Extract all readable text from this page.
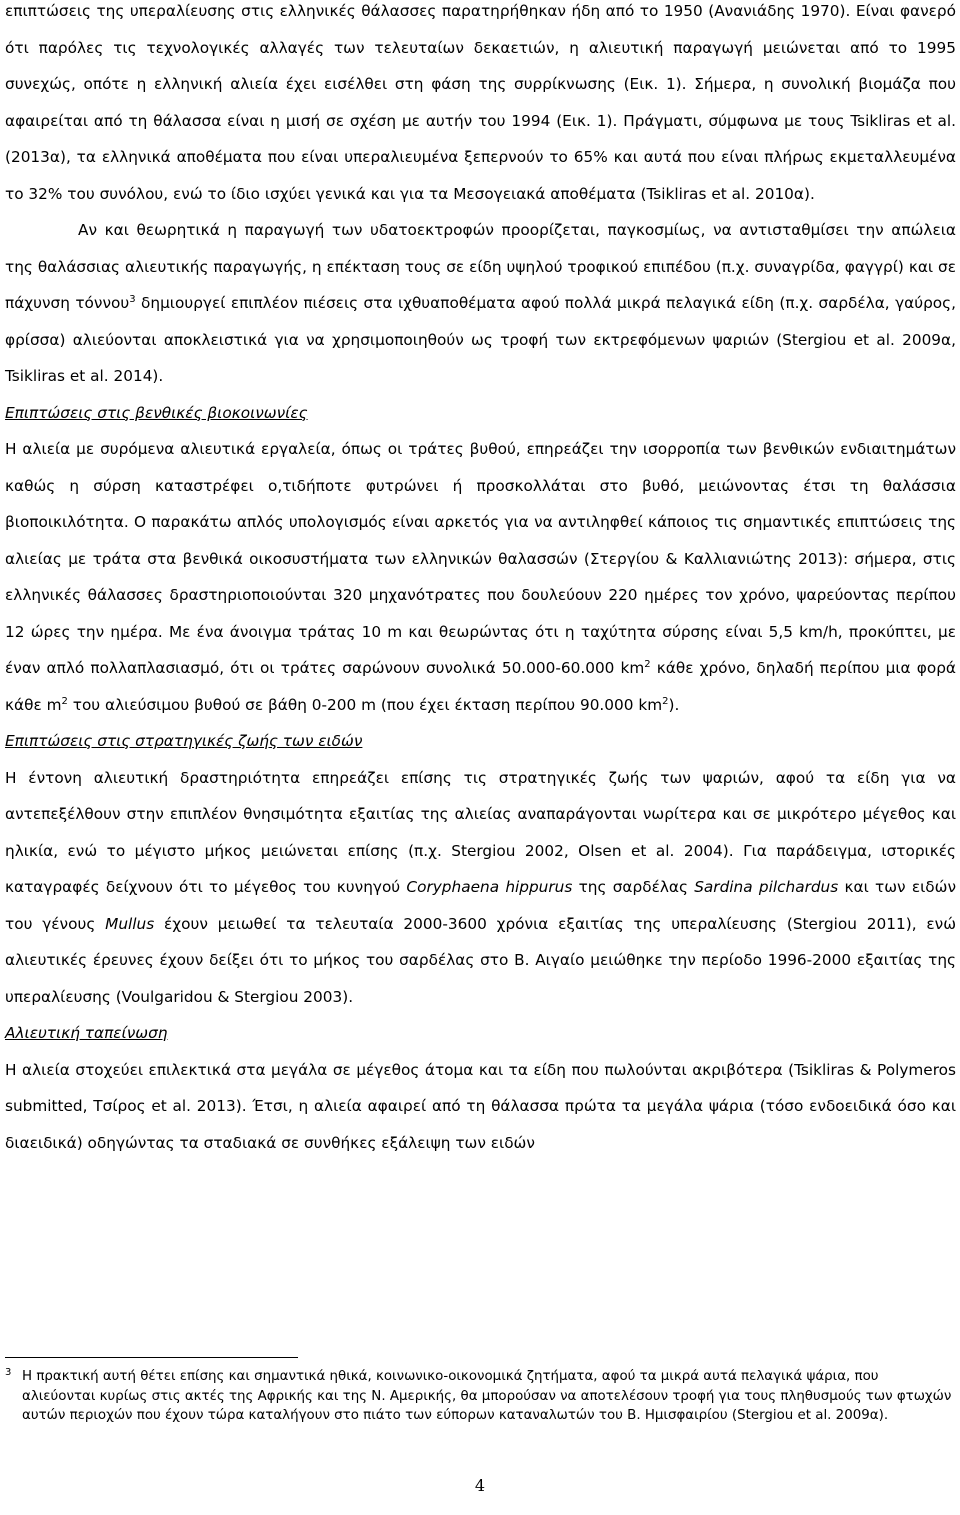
επιπτώσεις της υπεραλίευσης στις ελληνικές θάλασσες παρατηρήθηκαν ήδη από το 1950 (Ανανιάδης 1970). Είναι φανερό ότι παρόλες τις τεχνολογικές αλλαγές των τελευταίων δεκαετιών, η αλιευτική παραγωγή μειώνεται από το 1995 συνεχώς, οπότε η ελληνική αλιεία έχει εισέλθει στη φάση της συρρίκνωσης (Εικ. 1). Σήμερα, η συνολική βιομάζα που αφαιρείται από τη θάλασσα είναι η μισή σε σχέση με αυτήν του 1994 (Εικ. 1). Πράγματι, σύμφωνα με τους Tsikliras et al. (2013α), τα ελληνικά αποθέματα που είναι υπεραλιευμένα ξεπερνούν το 65% και αυτά που είναι πλήρως εκμεταλλευμένα το 32% του συνόλου, ενώ το ίδιο ισχύει γενικά και για τα Μεσογειακά αποθέματα (Tsikliras et al. 2010α).

Αν και θεωρητικά η παραγωγή των υδατοεκτροφών προορίζεται, παγκοσμίως, να αντισταθμίσει την απώλεια της θαλάσσιας αλιευτικής παραγωγής, η επέκταση τους σε είδη υψηλού τροφικού επιπέδου (π.χ. συναγρίδα, φαγγρί) και σε πάχυνση τόννου$^3$ δημιουργεί επιπλέον πιέσεις στα ιχθυαποθέματα αφού πολλά μικρά πελαγικά είδη (π.χ. σαρδέλα, γαύρος, φρίσσα) αλιεύονται αποκλειστικά για να χρησιμοποιηθούν ως τροφή των εκτρεφόμενων ψαριών (Stergiou et al. 2009α, Tsikliras et al. 2014).

Επιπτώσεις στις βενθικές βιοκοινωνίες

Η αλιεία με συρόμενα αλιευτικά εργαλεία, όπως οι τράτες βυθού, επηρεάζει την ισορροπία των βενθικών ενδιαιτημάτων καθώς η σύρση καταστρέφει ο,τιδήποτε φυτρώνει ή προσκολλάται στο βυθό, μειώνοντας έτσι τη θαλάσσια βιοποικιλότητα. Ο παρακάτω απλός υπολογισμός είναι αρκετός για να αντιληφθεί κάποιος τις σημαντικές επιπτώσεις της αλιείας με τράτα στα βενθικά οικοσυστήματα των ελληνικών θαλασσών (Στεργίου & Καλλιανιώτης 2013): σήμερα, στις ελληνικές θάλασσες δραστηριοποιούνται 320 μηχανότρατες που δουλεύουν 220 ημέρες τον χρόνο, ψαρεύοντας περίπου 12 ώρες την ημέρα. Με ένα άνοιγμα τράτας 10 m και θεωρώντας ότι η ταχύτητα σύρσης είναι 5,5 km/h, προκύπτει, με έναν απλό πολλαπλασιασμό, ότι οι τράτες σαρώνουν συνολικά 50.000-60.000 $km^2$ κάθε χρόνο, δηλαδή περίπου μια φορά κάθε $m^2$ του αλιεύσιμου βυθού σε βάθη 0-200 m (που έχει έκταση περίπου 90.000 $km^2$).

Επιπτώσεις στις στρατηγικές ζωής των ειδών

Η έντονη αλιευτική δραστηριότητα επηρεάζει επίσης τις στρατηγικές ζωής των ψαριών, αφού τα είδη για να αντεπεξέλθουν στην επιπλέον θνησιμότητα εξαιτίας της αλιείας αναπαράγονται νωρίτερα και σε μικρότερο μέγεθος και ηλικία, ενώ το μέγιστο μήκος μειώνεται επίσης (π.χ. Stergiou 2002, Olsen et al. 2004). Για παράδειγμα, ιστορικές καταγραφές δείχνουν ότι το μέγεθος του κυνηγού Coryphaena hippurus της σαρδέλας Sardina pilchardus και των ειδών του γένους Mullus έχουν μειωθεί τα τελευταία 2000-3600 χρόνια εξαιτίας της υπεραλίευσης (Stergiou 2011), ενώ αλιευτικές έρευνες έχουν δείξει ότι το μήκος του σαρδέλας στο Β. Αιγαίο μειώθηκε την περίοδο 1996-2000 εξαιτίας της υπεραλίευσης (Voulgaridou & Stergiou 2003).

Αλιευτική ταπείνωση

Η αλιεία στοχεύει επιλεκτικά στα μεγάλα σε μέγεθος άτομα και τα είδη που πωλούνται ακριβότερα (Tsikliras & Polymeros submitted, Τσίρος et al. 2013). Έτσι, η αλιεία αφαιρεί από τη θάλασσα πρώτα τα μεγάλα ψάρια (τόσο ενδοειδικά όσο και διαειδικά) οδηγώντας τα σταδιακά σε συνθήκες εξάλειψη των ειδών

3 Η πρακτική αυτή θέτει επίσης και σημαντικά ηθικά, κοινωνικο-οικονομικά ζητήματα, αφού τα μικρά αυτά πελαγικά ψάρια, που αλιεύονται κυρίως στις ακτές της Αφρικής και της Ν. Αμερικής, θα μπορούσαν να αποτελέσουν τροφή για τους πληθυσμούς των φτωχών αυτών περιοχών που έχουν τώρα καταλήγουν στο πιάτο των εύπορων καταναλωτών του Β. Ημισφαιρίου (Stergiou et al. 2009α).

4
